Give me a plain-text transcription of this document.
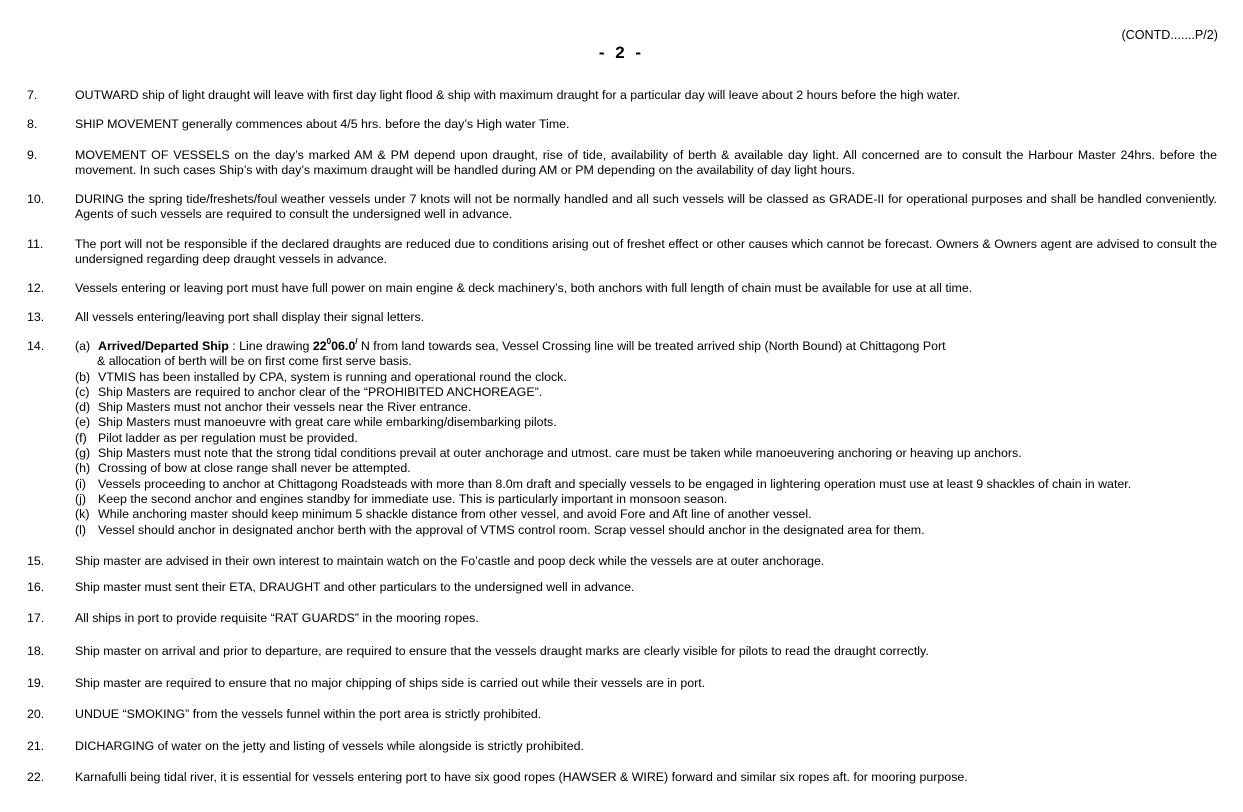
(CONTD.......P/2)
- 2 -
7.	OUTWARD ship of light draught will leave with first day light flood & ship with maximum draught for a particular day will leave about 2 hours before the high water.
8.	SHIP MOVEMENT generally commences about 4/5 hrs. before the day’s High water Time.
9.	MOVEMENT OF VESSELS on the day’s marked AM & PM depend upon draught, rise of tide, availability of berth & available day light. All concerned are to consult the Harbour Master 24hrs. before the movement. In such cases Ship’s with day’s maximum draught will be handled during AM or PM depending on the availability of day light hours.
10. DURING the spring tide/freshets/foul weather vessels under 7 knots will not be normally handled and all such vessels will be classed as GRADE-II for operational purposes and shall be handled conveniently. Agents of such vessels are required to consult the undersigned well in advance.
11.	The port will not be responsible if the declared draughts are reduced due to conditions arising out of freshet effect or other causes which cannot be forecast. Owners & Owners agent are advised to consult the undersigned regarding deep draught vessels in advance.
12. Vessels entering or leaving port must have full power on main engine & deck machinery’s, both anchors with full length of chain must be available for use at all time.
13. All vessels entering/leaving port shall display their signal letters.
14. (a) Arrived/Departed Ship : Line drawing $22^006.0^/$ N from land towards sea, Vessel Crossing line will be treated arrived ship (North Bound) at Chittagong Port
& allocation of berth will be on first come first serve basis.
(b) VTMIS has been installed by CPA, system is running and operational round the clock.
(c) Ship Masters are required to anchor clear of the “PROHIBITED ANCHOREAGE”.
(d) Ship Masters must not anchor their vessels near the River entrance.
(e) Ship Masters must manoeuvre with great care while embarking/disembarking pilots.
(f) Pilot ladder as per regulation must be provided.
(g) Ship Masters must note that the strong tidal conditions prevail at outer anchorage and utmost. care must be taken while manoeuvering anchoring or heaving up anchors.
(h) Crossing of bow at close range shall never be attempted.
(i) Vessels proceeding to anchor at Chittagong Roadsteads with more than 8.0m draft and specially vessels to be engaged in lightering operation must use at least 9 shackles of chain in water.
(j) Keep the second anchor and engines standby for immediate use. This is particularly important in monsoon season.
(k) While anchoring master should keep minimum 5 shackle distance from other vessel, and avoid Fore and Aft line of another vessel.
(l) Vessel should anchor in designated anchor berth with the approval of VTMS control room. Scrap vessel should anchor in the designated area for them.
15. Ship master are advised in their own interest to maintain watch on the Fo’castle and poop deck while the vessels are at outer anchorage.
16. Ship master must sent their ETA, DRAUGHT and other particulars to the undersigned well in advance.
17. All ships in port to provide requisite “RAT GUARDS” in the mooring ropes.
18. Ship master on arrival and prior to departure, are required to ensure that the vessels draught marks are clearly visible for pilots to read the draught correctly.
19. Ship master are required to ensure that no major chipping of ships side is carried out while their vessels are in port.
20. UNDUE “SMOKING” from the vessels funnel within the port area is strictly prohibited.
21. DICHARGING of water on the jetty and listing of vessels while alongside is strictly prohibited.
22. Karnafulli being tidal river, it is essential for vessels entering port to have six good ropes (HAWSER & WIRE) forward and similar six ropes aft. for mooring purpose.
